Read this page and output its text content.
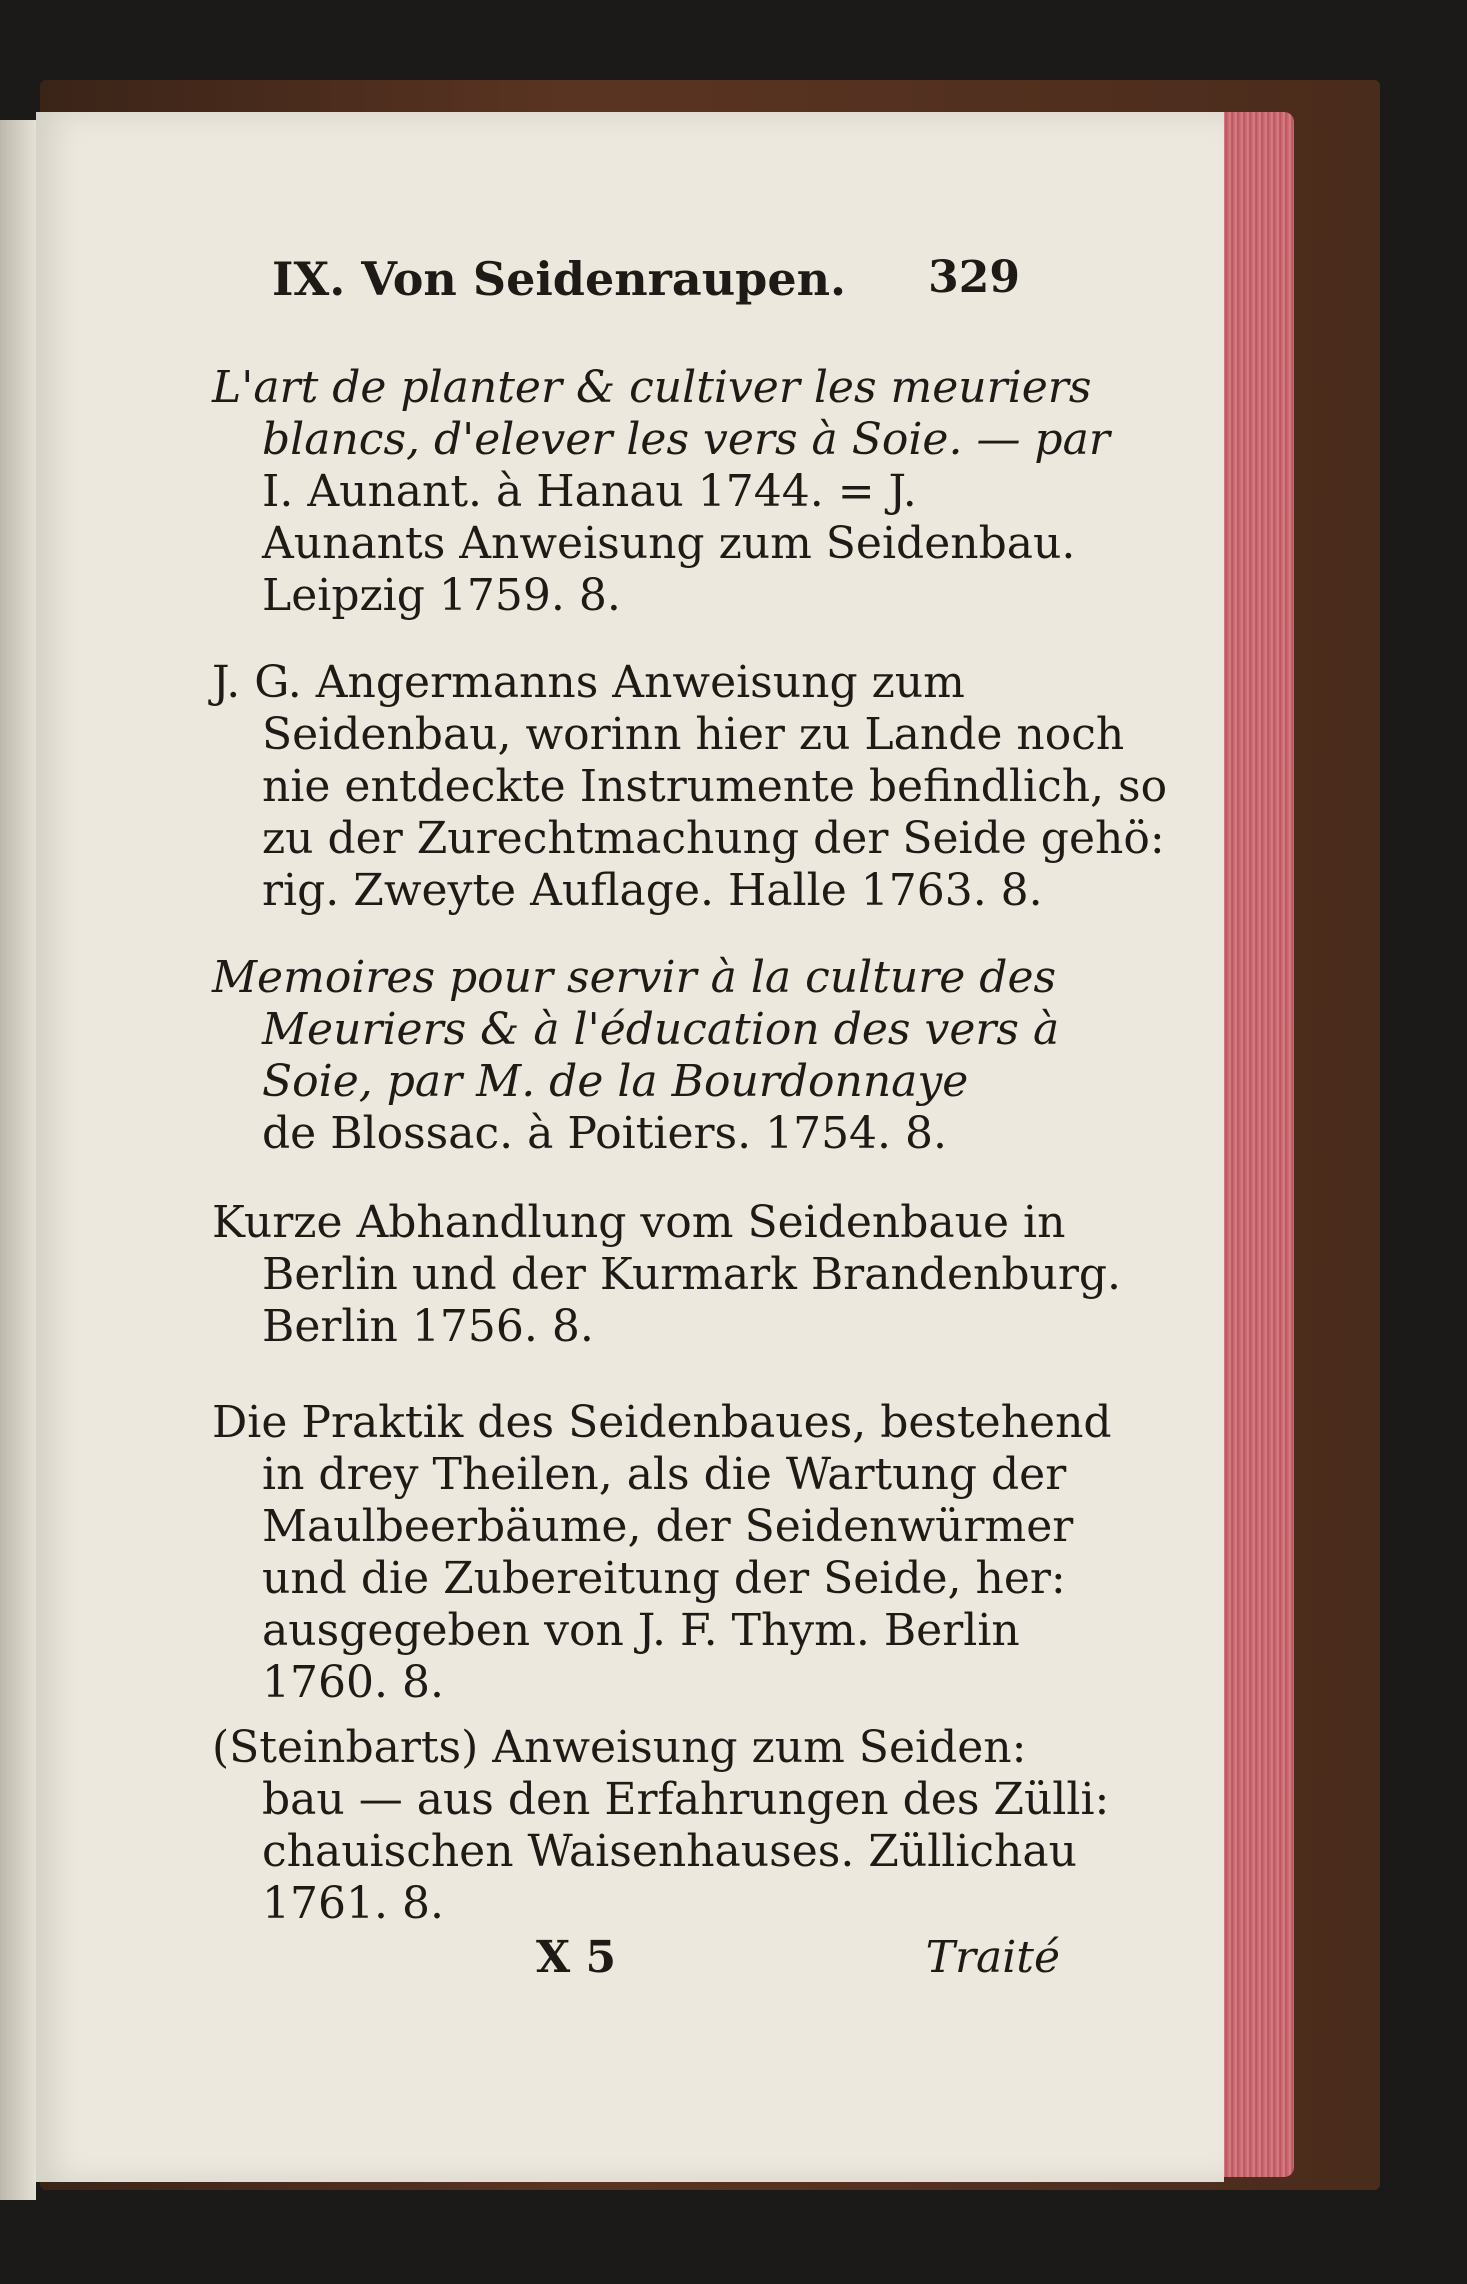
IX. Von Seidenraupen. 329
L'art de planter & cultiver les meuriers
blancs, d'elever les vers à Soie. — par
I. Aunant. à Hanau 1744. = J.
Aunants Anweisung zum Seidenbau.
Leipzig 1759. 8.
J. G. Angermanns Anweisung zum
Seidenbau, worinn hier zu Lande noch
nie entdeckte Instrumente befindlich, so
zu der Zurechtmachung der Seide gehö:
rig. Zweyte Auflage. Halle 1763. 8.
Memoires pour servir à la culture des
Meuriers & à l'éducation des vers à
Soie, par M. de la Bourdonnaye
de Blossac. à Poitiers. 1754. 8.
Kurze Abhandlung vom Seidenbaue in
Berlin und der Kurmark Brandenburg.
Berlin 1756. 8.
Die Praktik des Seidenbaues, bestehend
in drey Theilen, als die Wartung der
Maulbeerbäume, der Seidenwürmer
und die Zubereitung der Seide, her:
ausgegeben von J. F. Thym. Berlin
1760. 8.
(Steinbarts) Anweisung zum Seiden:
bau — aus den Erfahrungen des Zülli:
chauischen Waisenhauses. Züllichau
1761. 8.
X 5	Traité
